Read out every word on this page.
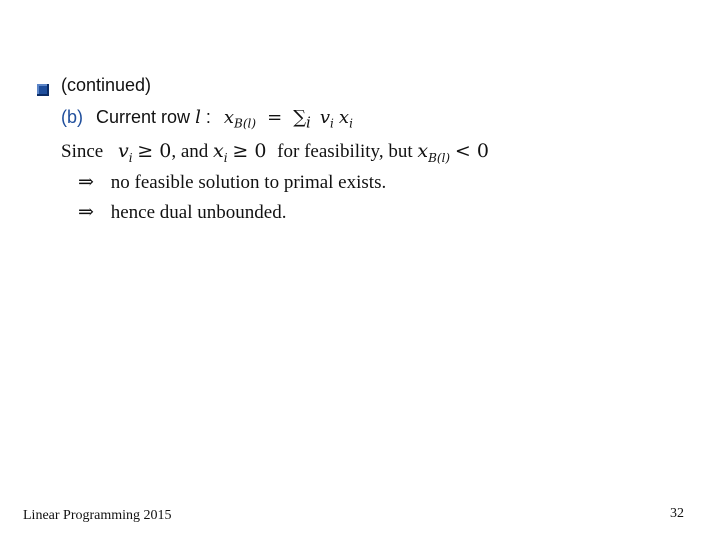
(continued)
(b) Current row l : $x_{B(l)} = \sum_i$ $v_i$ $x_i$
Since $v_i \ge 0$, and $x_i \ge 0$ for feasibility, but $x_{B(l)} < 0$
⇒ no feasible solution to primal exists.
⇒ hence dual unbounded.
Linear Programming 2015	32
